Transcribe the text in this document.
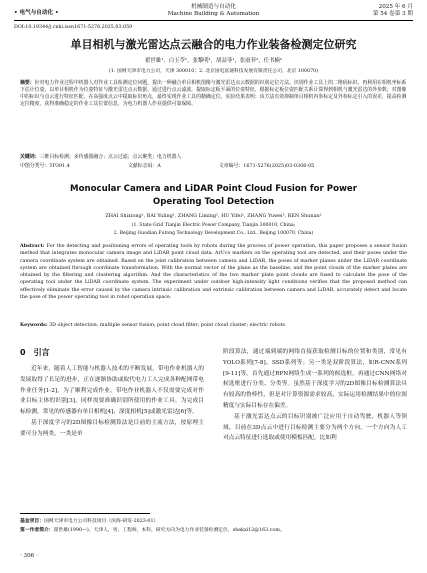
• 电气与自动化 •
机械制造与自动化
Machine Building & Automation
2025 年 6 月
第 54 卷第 3 期
DOI:10.19344/j.cnki.issn1671-5276.2025.03.059
单目相机与激光雷达点云融合的电力作业装备检测定位研究
翟世雄¹，白玉苓¹，张黎明¹，胡益菲¹，张雨菲²，任书楠²
(1. 国网天津市电力公司，天津 300010；2. 北京国电富通科技发展有限责任公司，北京 100070)
摘要：针对电力作业过程中机器人对作业工具检测定位问题，提出一种融合单目相机图像与激光雷达点云数据的识别定位方法。识别作业工具上的二维码标识，再利用在相机坐标系下估计位姿，以单目相机作为位姿特征与激光雷达点云数据，通过进行点云滤波，提取标定板平面的位姿特征，根据标定板位姿匹配关系计算得到相机与激光雷达的外参数；对图像中的标识与点云进行特征匹配，在高强度点云中提取标识角点，最终实现作业工具的精确定位。实验结果表明：该方法有效抑制单目相机内参标定及外参标定引入的误差，提高检测定位精度，获得准确稳定的作业工具位置信息，为电力机器人作业提供可靠保障。
关键词：三维目标检测；多传感器融合；点云过滤；点云聚类；电力机器人
中图分类号：TP391.4	文献标志码：A	文章编号：1671-5276(2025)03-0306-05
Monocular Camera and LiDAR Point Cloud Fusion for Power Operating Tool Detection
ZHAI Shixiong¹, BAI Yuling¹, ZHANG Liming¹, HU Yifei¹, ZHANG Yuwei², REN Shunan²
(1. State Grid Tianjin Electric Power Company, Tianjin 300010, China;
2. Beijing Guodian Futong Technology Development Co., Ltd., Beijing 100070, China)
Abstract: For the detecting and positioning errors of operating tools by robots during the process of power operation, this paper proposes a sensor fusion method that integrates monocular camera image and LiDAR point cloud data. ArUco markers on the operating tool are detected, and their poses under the camera coordinate system are obtained. Based on the joint calibration between camera and LiDAR, the poses of marker planes under the LiDAR coordinate system are obtained through coordinate transformation. With the normal vector of the plane as the baseline, and the point clouds of the marker plates are obtained by the filtering and clustering algorithm. And the characteristics of the two marker plate point clouds are fused to calculate the pose of the operating tool under the LiDAR coordinate system. The experiment under outdoor high-intensity light conditions verifies that the proposed method can effectively eliminate the error caused by the camera intrinsic calibration and extrinsic calibration between camera and LiDAR, accurately detect and locate the pose of the power operating tool in robot operation space.
Keywords: 3D object detection; multiple sensor fusion; point cloud filter; point cloud cluster; electric robots
0　引言

近年来，随着人工智能与机器人技术的不断发展，带电作业机器人的发展取得了长足的进步，正在逐渐协助或取代电力工人完成各种配网带电作业任务[1-2]。为了顺利完成作业，带电作业机器人不仅需要完成对作业目标主体的识别[3]，同样需要准确识别所使用的作业工具。为完成目标检测，常见的传感器有单目相机[4]、深度相机[5]或激光雷达[6]等。

基于深度学习的2D图像目标检测算法是目前的主流方法，按原理主要可分为两类，一类是单

阶段算法，通过端到端的网络直接获取检测目标的位置和类别，常见有YOLO系列[7-8]、SSD系列等；另一类是双阶段算法，如R-CNN系列[9-11]等，首先通过RPN网络生成一系列的候选框，再通过CNN网络对候选框进行分类、分类等。虽然基于深度学习的2D图像目标检测算法具有较高的鲁棒性，但是对计算资源需求较高，实际运用检测结果中的位图精度与实际目标存在偏差。

基于激光雷达点云的目标识别被广泛应用于自动驾驶、机器人等领域。目前在3D点云中进行目标检测主要分为两个方向，一个方向为人工对点云特征进行选取或使用模板匹配，比如利

基金项目：国网天津市电力公司科技项目（滨海-研发-2023-01）
第一作者简介：翟世雄(1990—)，天津人，男，工程师，本科，研究方向为电力作业装备检测定位，shekxi12@163.com。
· 306 ·
